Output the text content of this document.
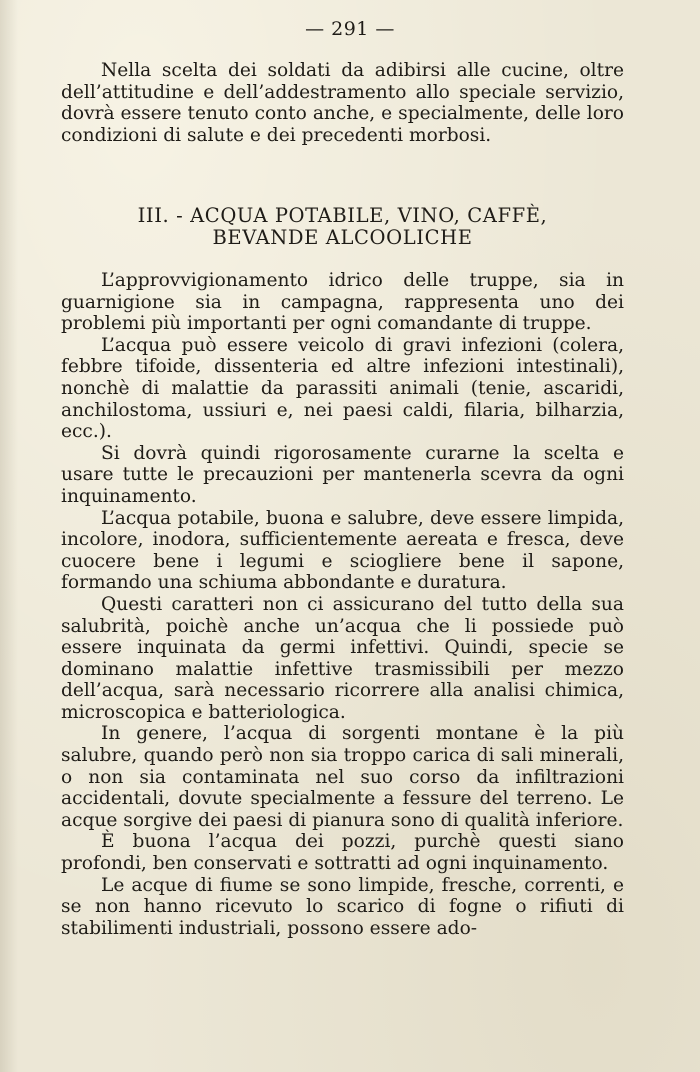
— 291 —

Nella scelta dei soldati da adibirsi alle cucine, oltre dell’attitudine e dell’addestramento allo speciale servizio, dovrà essere tenuto conto anche, e specialmente, delle loro condizioni di salute e dei precedenti morbosi.

III. - ACQUA POTABILE, VINO, CAFFÈ,
BEVANDE ALCOOLICHE

L’approvvigionamento idrico delle truppe, sia in guarnigione sia in campagna, rappresenta uno dei problemi più importanti per ogni comandante di truppe.

L’acqua può essere veicolo di gravi infezioni (colera, febbre tifoide, dissenteria ed altre infezioni intestinali), nonchè di malattie da parassiti animali (tenie, ascaridi, anchilostoma, ussiuri e, nei paesi caldi, filaria, bilharzia, ecc.).

Si dovrà quindi rigorosamente curarne la scelta e usare tutte le precauzioni per mantenerla scevra da ogni inquinamento.

L’acqua potabile, buona e salubre, deve essere limpida, incolore, inodora, sufficientemente aereata e fresca, deve cuocere bene i legumi e sciogliere bene il sapone, formando una schiuma abbondante e duratura.

Questi caratteri non ci assicurano del tutto della sua salubrità, poichè anche un’acqua che li possiede può essere inquinata da germi infettivi. Quindi, specie se dominano malattie infettive trasmissibili per mezzo dell’acqua, sarà necessario ricorrere alla analisi chimica, microscopica e batteriologica.

In genere, l’acqua di sorgenti montane è la più salubre, quando però non sia troppo carica di sali minerali, o non sia contaminata nel suo corso da infiltrazioni accidentali, dovute specialmente a fessure del terreno. Le acque sorgive dei paesi di pianura sono di qualità inferiore.

È buona l’acqua dei pozzi, purchè questi siano profondi, ben conservati e sottratti ad ogni inquinamento.

Le acque di fiume se sono limpide, fresche, correnti, e se non hanno ricevuto lo scarico di fogne o rifiuti di stabilimenti industriali, possono essere ado-
